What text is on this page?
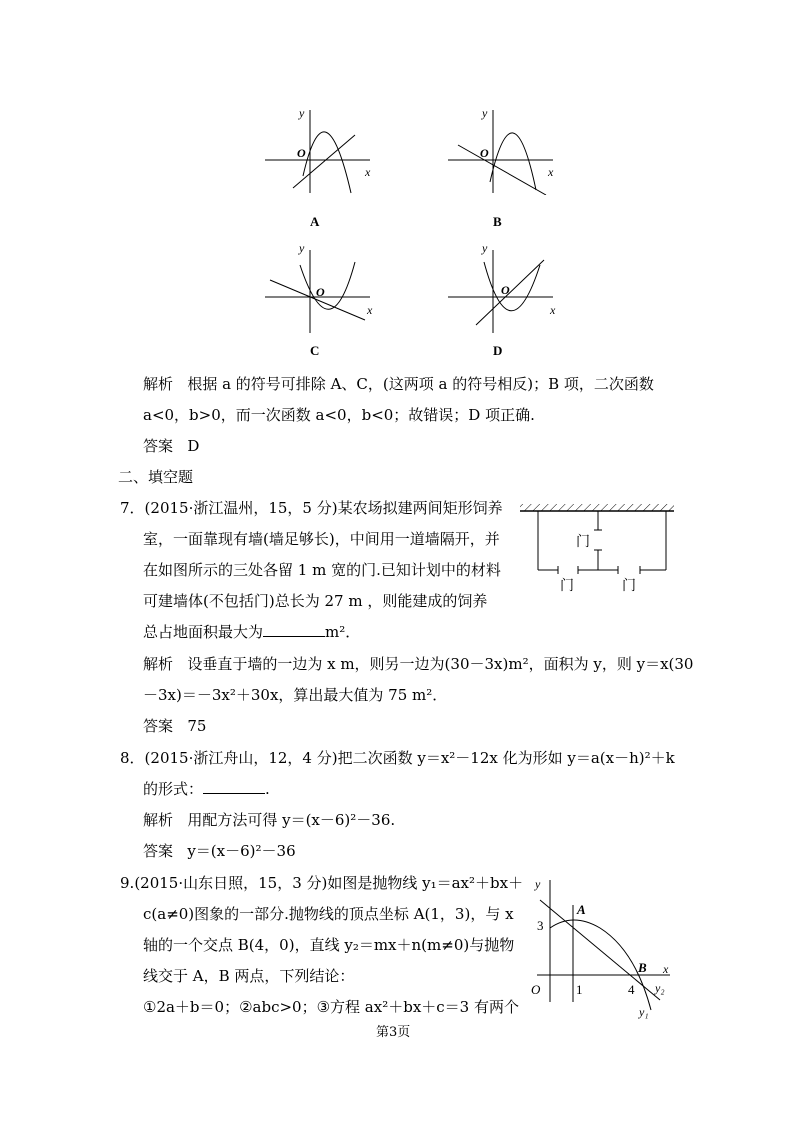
y
O
x
A
y
O
x
B
y
O
x
C
y
O
x
D
解析 根据 a 的符号可排除 A、C，(这两项 a 的符号相反)；B 项，二次函数
a<0，b>0，而一次函数 a<0，b<0；故错误；D 项正确.
答案 D
二、填空题
7．(2015·浙江温州，15，5 分)某农场拟建两间矩形饲养
室，一面靠现有墙(墙足够长)，中间用一道墙隔开，并
在如图所示的三处各留 1 m 宽的门.已知计划中的材料
可建墙体(不包括门)总长为 27 m ，则能建成的饲养
总占地面积最大为	m²．
门
门	门
解析 设垂直于墙的一边为 x m，则另一边为(30－3x)m²，面积为 y，则 y＝x(30
－3x)＝－3x²＋30x，算出最大值为 75 m²．
答案 75
8．(2015·浙江舟山，12，4 分)把二次函数 y＝x²－12x 化为形如 y＝a(x－h)²＋k
的形式：	.
解析 用配方法可得 y＝(x－6)²－36.
答案 y＝(x－6)²－36
9.(2015·山东日照，15，3 分)如图是抛物线 y₁＝ax²＋bx＋
c(a≠0)图象的一部分.抛物线的顶点坐标 A(1，3)，与 x
轴的一个交点 B(4，0)，直线 y₂＝mx＋n(m≠0)与抛物
线交于 A，B 两点，下列结论：
①2a＋b＝0；②abc>0；③方程 ax²＋bx＋c＝3 有两个
y
x
O
3
1	4
A
B
y₂
y₁
第3页
